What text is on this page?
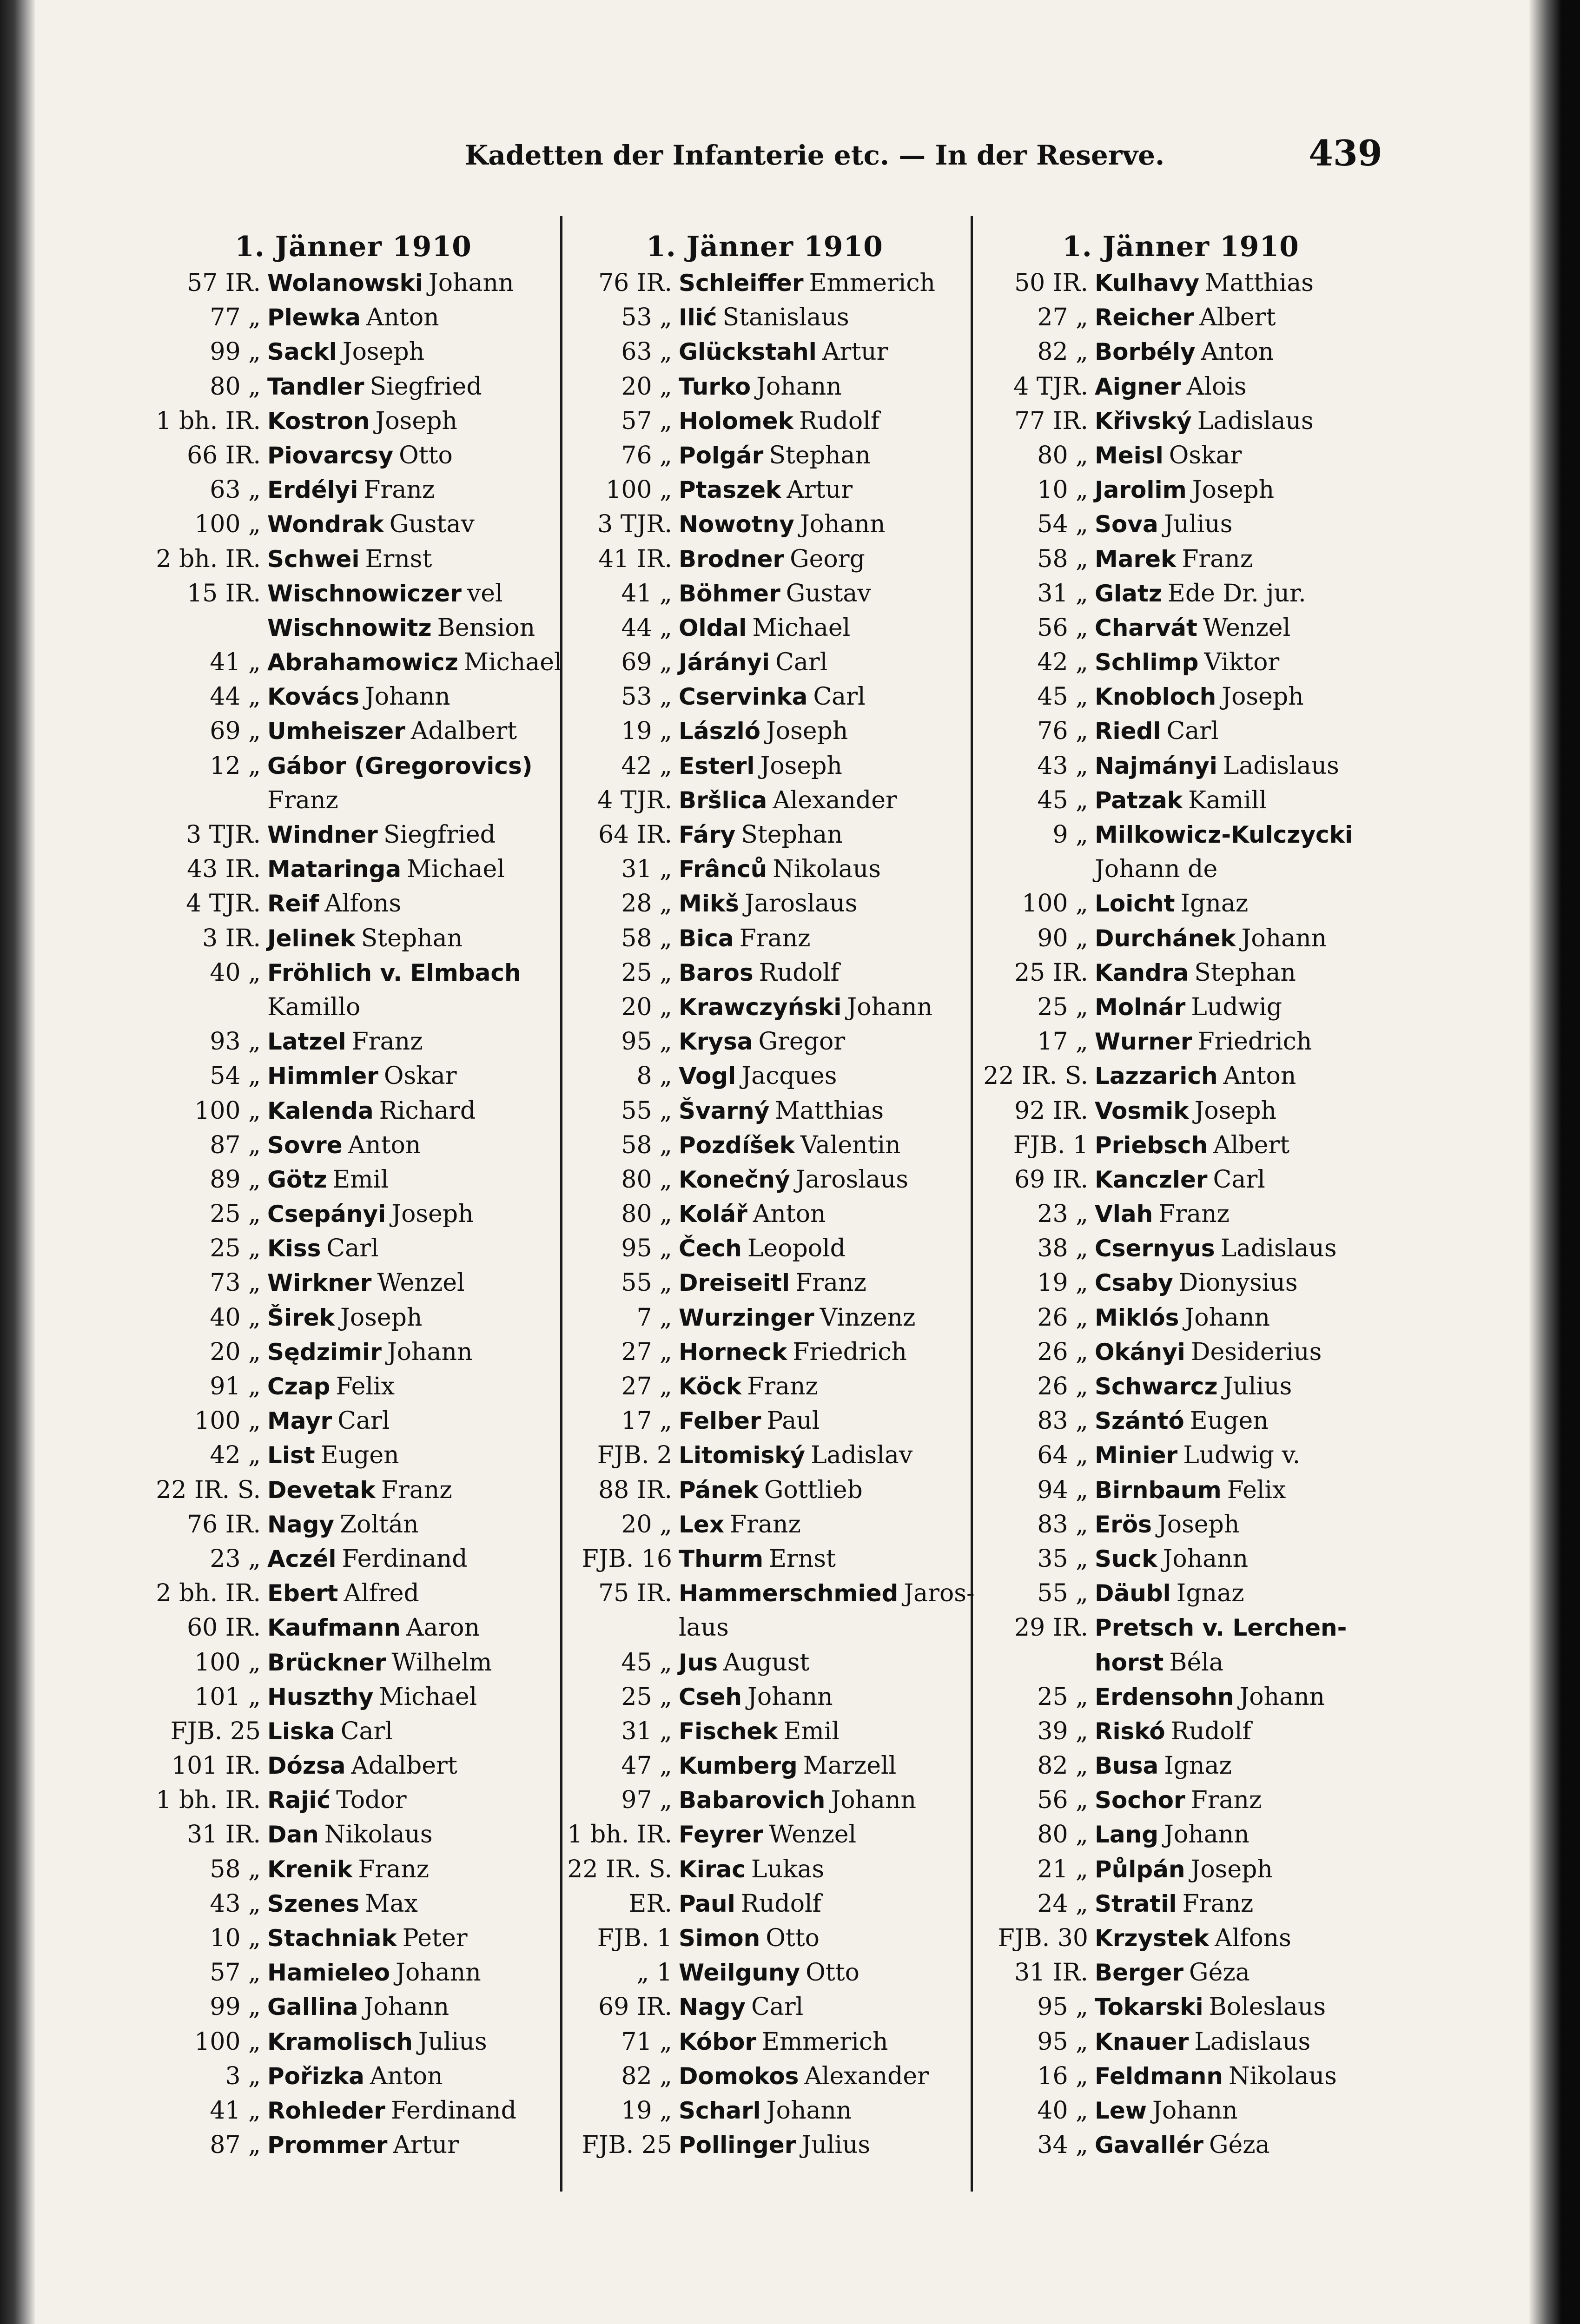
Kadetten der Infanterie etc. — In der Reserve.	439
1. Jänner 1910
57 IR. Wolanowski Johann
77 „ Plewka Anton
99 „ Sackl Joseph
80 „ Tandler Siegfried
1 bh. IR. Kostron Joseph
66 IR. Piovarcsy Otto
63 „ Erdélyi Franz
100 „ Wondrak Gustav
2 bh. IR. Schwei Ernst
15 IR. Wischnowiczer vel
Wischnowitz Bension
41 „ Abrahamowicz Michael
44 „ Kovács Johann
69 „ Umheiszer Adalbert
12 „ Gábor (Gregorovics)
Franz
3 TJR. Windner Siegfried
43 IR. Mataringa Michael
4 TJR. Reif Alfons
3 IR. Jelinek Stephan
40 „ Fröhlich v. Elmbach
Kamillo
93 „ Latzel Franz
54 „ Himmler Oskar
100 „ Kalenda Richard
87 „ Sovre Anton
89 „ Götz Emil
25 „ Csepányi Joseph
25 „ Kiss Carl
73 „ Wirkner Wenzel
40 „ Širek Joseph
20 „ Sędzimir Johann
91 „ Czap Felix
100 „ Mayr Carl
42 „ List Eugen
22 IR. S. Devetak Franz
76 IR. Nagy Zoltán
23 „ Aczél Ferdinand
2 bh. IR. Ebert Alfred
60 IR. Kaufmann Aaron
100 „ Brückner Wilhelm
101 „ Huszthy Michael
FJB. 25 Liska Carl
101 IR. Dózsa Adalbert
1 bh. IR. Rajić Todor
31 IR. Dan Nikolaus
58 „ Krenik Franz
43 „ Szenes Max
10 „ Stachniak Peter
57 „ Hamieleo Johann
99 „ Gallina Johann
100 „ Kramolisch Julius
3 „ Pořizka Anton
41 „ Rohleder Ferdinand
87 „ Prommer Artur
1. Jänner 1910
76 IR. Schleiffer Emmerich
53 „ Ilić Stanislaus
63 „ Glückstahl Artur
20 „ Turko Johann
57 „ Holomek Rudolf
76 „ Polgár Stephan
100 „ Ptaszek Artur
3 TJR. Nowotny Johann
41 IR. Brodner Georg
41 „ Böhmer Gustav
44 „ Oldal Michael
69 „ Járányi Carl
53 „ Cservinka Carl
19 „ László Joseph
42 „ Esterl Joseph
4 TJR. Bršlica Alexander
64 IR. Fáry Stephan
31 „ Frânců Nikolaus
28 „ Mikš Jaroslaus
58 „ Bica Franz
25 „ Baros Rudolf
20 „ Krawczyński Johann
95 „ Krysa Gregor
8 „ Vogl Jacques
55 „ Švarný Matthias
58 „ Pozdíšek Valentin
80 „ Konečný Jaroslaus
80 „ Kolář Anton
95 „ Čech Leopold
55 „ Dreiseitl Franz
7 „ Wurzinger Vinzenz
27 „ Horneck Friedrich
27 „ Köck Franz
17 „ Felber Paul
FJB. 2 Litomiský Ladislav
88 IR. Pánek Gottlieb
20 „ Lex Franz
FJB. 16 Thurm Ernst
75 IR. Hammerschmied Jaros-
laus
45 „ Jus August
25 „ Cseh Johann
31 „ Fischek Emil
47 „ Kumberg Marzell
97 „ Babarovich Johann
1 bh. IR. Feyrer Wenzel
22 IR. S. Kirac Lukas
ER. Paul Rudolf
FJB. 1 Simon Otto
„ 1 Weilguny Otto
69 IR. Nagy Carl
71 „ Kóbor Emmerich
82 „ Domokos Alexander
19 „ Scharl Johann
FJB. 25 Pollinger Julius
1. Jänner 1910
50 IR. Kulhavy Matthias
27 „ Reicher Albert
82 „ Borbély Anton
4 TJR. Aigner Alois
77 IR. Křivský Ladislaus
80 „ Meisl Oskar
10 „ Jarolim Joseph
54 „ Sova Julius
58 „ Marek Franz
31 „ Glatz Ede Dr. jur.
56 „ Charvát Wenzel
42 „ Schlimp Viktor
45 „ Knobloch Joseph
76 „ Riedl Carl
43 „ Najmányi Ladislaus
45 „ Patzak Kamill
9 „ Milkowicz-Kulczycki
Johann de
100 „ Loicht Ignaz
90 „ Durchánek Johann
25 IR. Kandra Stephan
25 „ Molnár Ludwig
17 „ Wurner Friedrich
22 IR. S. Lazzarich Anton
92 IR. Vosmik Joseph
FJB. 1 Priebsch Albert
69 IR. Kanczler Carl
23 „ Vlah Franz
38 „ Csernyus Ladislaus
19 „ Csaby Dionysius
26 „ Miklós Johann
26 „ Okányi Desiderius
26 „ Schwarcz Julius
83 „ Szántó Eugen
64 „ Minier Ludwig v.
94 „ Birnbaum Felix
83 „ Erös Joseph
35 „ Suck Johann
55 „ Däubl Ignaz
29 IR. Pretsch v. Lerchen-
horst Béla
25 „ Erdensohn Johann
39 „ Riskó Rudolf
82 „ Busa Ignaz
56 „ Sochor Franz
80 „ Lang Johann
21 „ Půlpán Joseph
24 „ Stratil Franz
FJB. 30 Krzystek Alfons
31 IR. Berger Géza
95 „ Tokarski Boleslaus
95 „ Knauer Ladislaus
16 „ Feldmann Nikolaus
40 „ Lew Johann
34 „ Gavallér Géza
